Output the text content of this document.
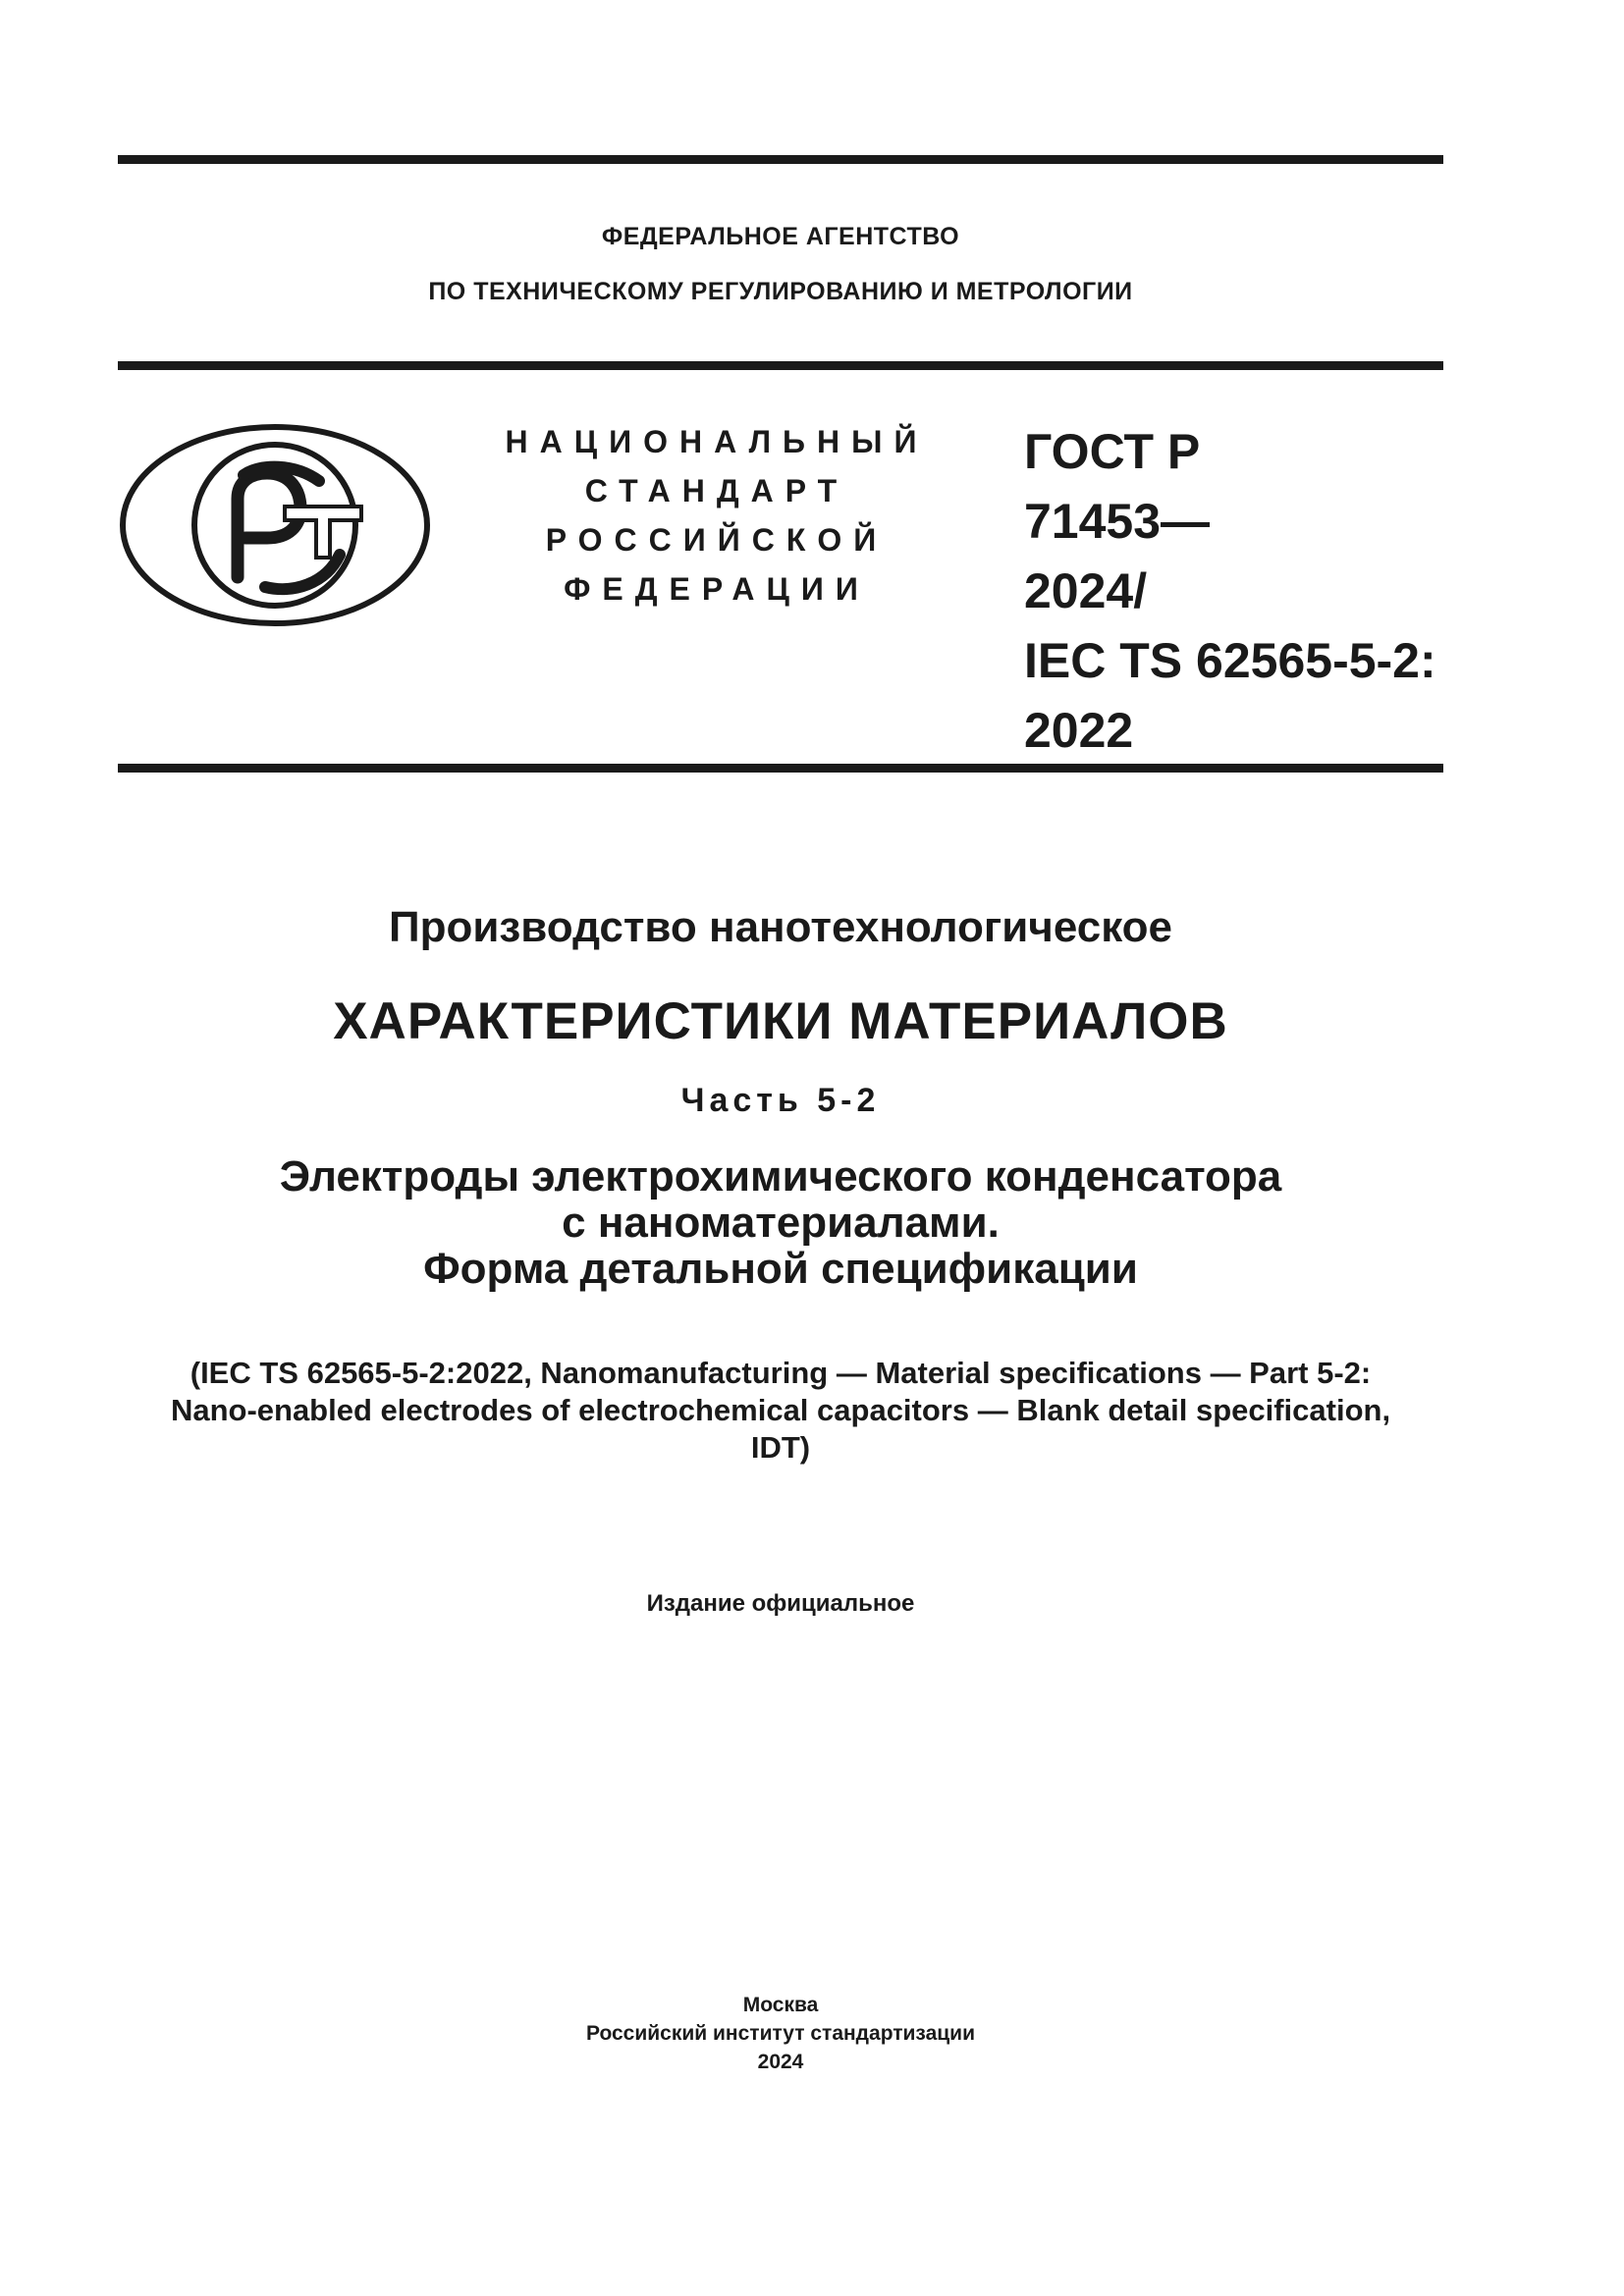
ФЕДЕРАЛЬНОЕ АГЕНТСТВО
ПО ТЕХНИЧЕСКОМУ РЕГУЛИРОВАНИЮ И МЕТРОЛОГИИ
НАЦИОНАЛЬНЫЙ
СТАНДАРТ
РОССИЙСКОЙ
ФЕДЕРАЦИИ
ГОСТ Р
71453—
2024/
IEC TS 62565-5-2:
2022
Производство нанотехнологическое
ХАРАКТЕРИСТИКИ МАТЕРИАЛОВ
Часть 5-2
Электроды электрохимического конденсатора
с наноматериалами.
Форма детальной спецификации
(IEC TS 62565-5-2:2022, Nanomanufacturing — Material specifications — Part 5-2:
Nano-enabled electrodes of electrochemical capacitors — Blank detail specification,
IDT)
Издание официальное
Москва
Российский институт стандартизации
2024
